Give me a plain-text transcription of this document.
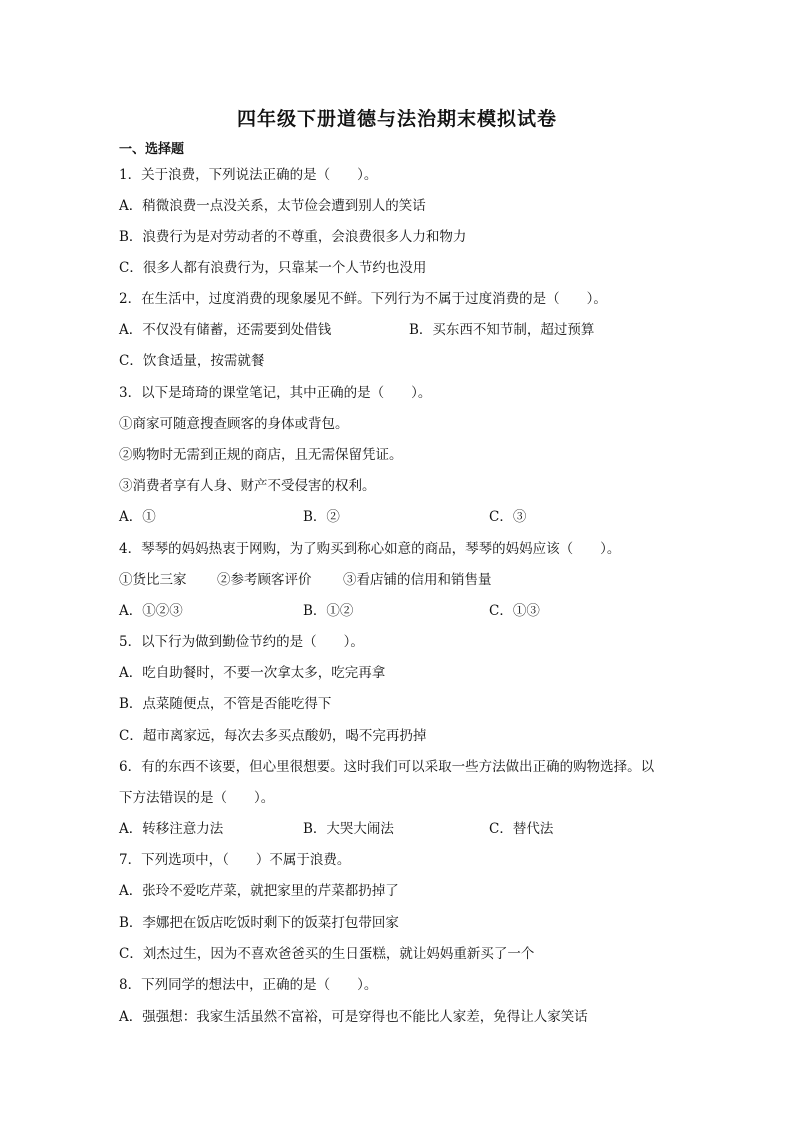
四年级下册道德与法治期末模拟试卷
一、选择题
1．关于浪费，下列说法正确的是（　　）。
A．稍微浪费一点没关系，太节俭会遭到别人的笑话
B．浪费行为是对劳动者的不尊重，会浪费很多人力和物力
C．很多人都有浪费行为，只靠某一个人节约也没用
2．在生活中，过度消费的现象屡见不鲜。下列行为不属于过度消费的是（　　）。
A．不仅没有储蓄，还需要到处借钱	B．买东西不知节制，超过预算
C．饮食适量，按需就餐
3．以下是琦琦的课堂笔记，其中正确的是（　　）。
①商家可随意搜查顾客的身体或背包。
②购物时无需到正规的商店，且无需保留凭证。
③消费者享有人身、财产不受侵害的权利。
A．①	B．②	C．③
4．琴琴的妈妈热衷于网购，为了购买到称心如意的商品，琴琴的妈妈应该（　　）。
①货比三家 ②参考顾客评价 ③看店铺的信用和销售量
A．①②③	B．①②	C．①③
5．以下行为做到勤俭节约的是（　　）。
A．吃自助餐时，不要一次拿太多，吃完再拿
B．点菜随便点，不管是否能吃得下
C．超市离家远，每次去多买点酸奶，喝不完再扔掉
6．有的东西不该要，但心里很想要。这时我们可以采取一些方法做出正确的购物选择。以
下方法错误的是（　　）。
A．转移注意力法	B．大哭大闹法	C．替代法
7．下列选项中，（　　）不属于浪费。
A．张玲不爱吃芹菜，就把家里的芹菜都扔掉了
B．李娜把在饭店吃饭时剩下的饭菜打包带回家
C．刘杰过生，因为不喜欢爸爸买的生日蛋糕，就让妈妈重新买了一个
8．下列同学的想法中，正确的是（　　）。
A．强强想：我家生活虽然不富裕，可是穿得也不能比人家差，免得让人家笑话
